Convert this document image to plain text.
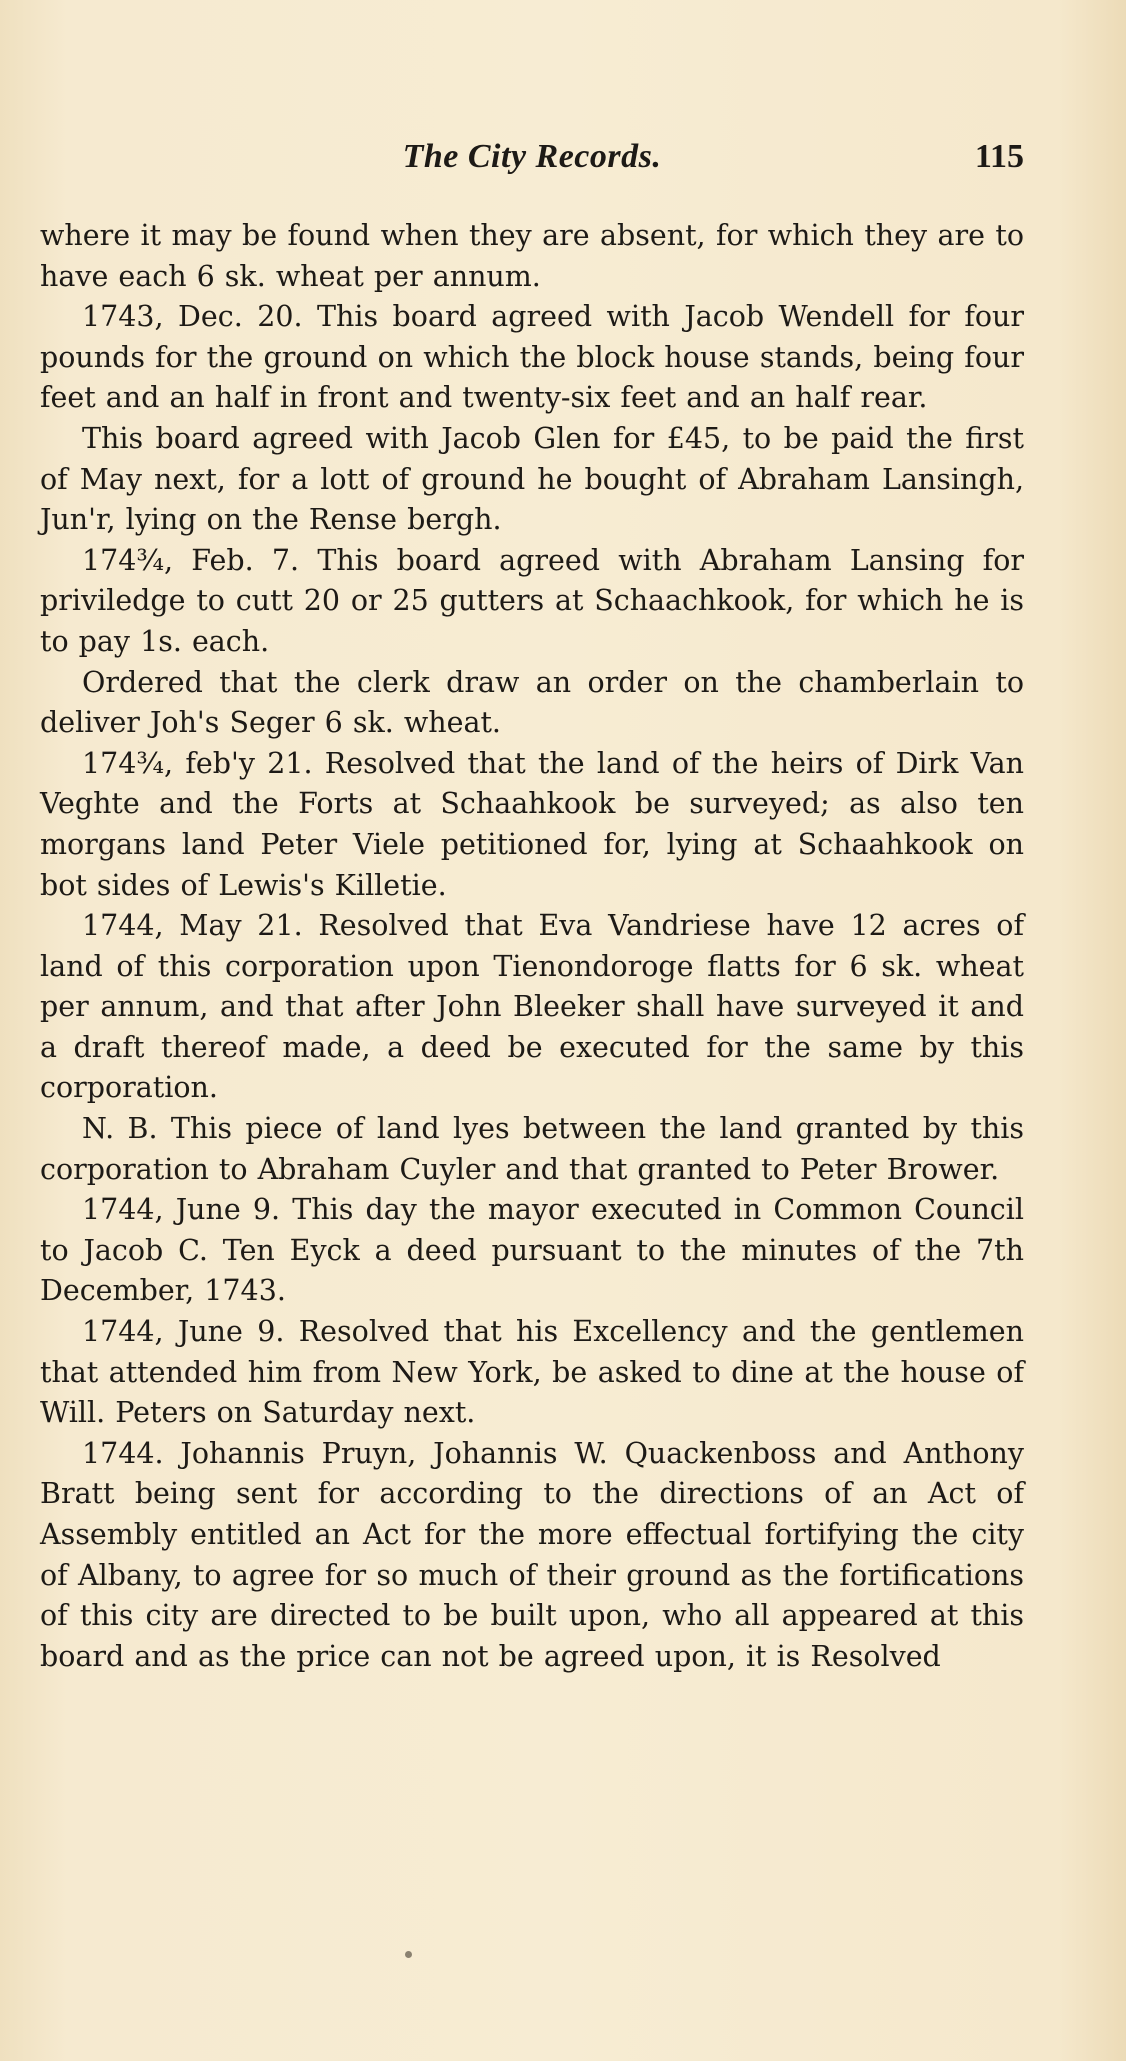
The City Records.	115

where it may be found when they are absent, for which they are to have each 6 sk. wheat per annum.

1743, Dec. 20. This board agreed with Jacob Wendell for four pounds for the ground on which the block house stands, being four feet and an half in front and twenty-six feet and an half rear.

This board agreed with Jacob Glen for £45, to be paid the first of May next, for a lott of ground he bought of Abraham Lansingh, Jun'r, lying on the Rense bergh.

174¾, Feb. 7. This board agreed with Abraham Lansing for priviledge to cutt 20 or 25 gutters at Schaachkook, for which he is to pay 1s. each.

Ordered that the clerk draw an order on the chamberlain to deliver Joh's Seger 6 sk. wheat.

174¾, feb'y 21. Resolved that the land of the heirs of Dirk Van Veghte and the Forts at Schaahkook be surveyed; as also ten morgans land Peter Viele petitioned for, lying at Schaahkook on bot sides of Lewis's Killetie.

1744, May 21. Resolved that Eva Vandriese have 12 acres of land of this corporation upon Tienondoroge flatts for 6 sk. wheat per annum, and that after John Bleeker shall have surveyed it and a draft thereof made, a deed be executed for the same by this corporation.

N. B. This piece of land lyes between the land granted by this corporation to Abraham Cuyler and that granted to Peter Brower.

1744, June 9. This day the mayor executed in Common Council to Jacob C. Ten Eyck a deed pursuant to the minutes of the 7th December, 1743.

1744, June 9. Resolved that his Excellency and the gentlemen that attended him from New York, be asked to dine at the house of Will. Peters on Saturday next.

1744. Johannis Pruyn, Johannis W. Quackenboss and Anthony Bratt being sent for according to the directions of an Act of Assembly entitled an Act for the more effectual fortifying the city of Albany, to agree for so much of their ground as the fortifications of this city are directed to be built upon, who all appeared at this board and as the price can not be agreed upon, it is Resolved
